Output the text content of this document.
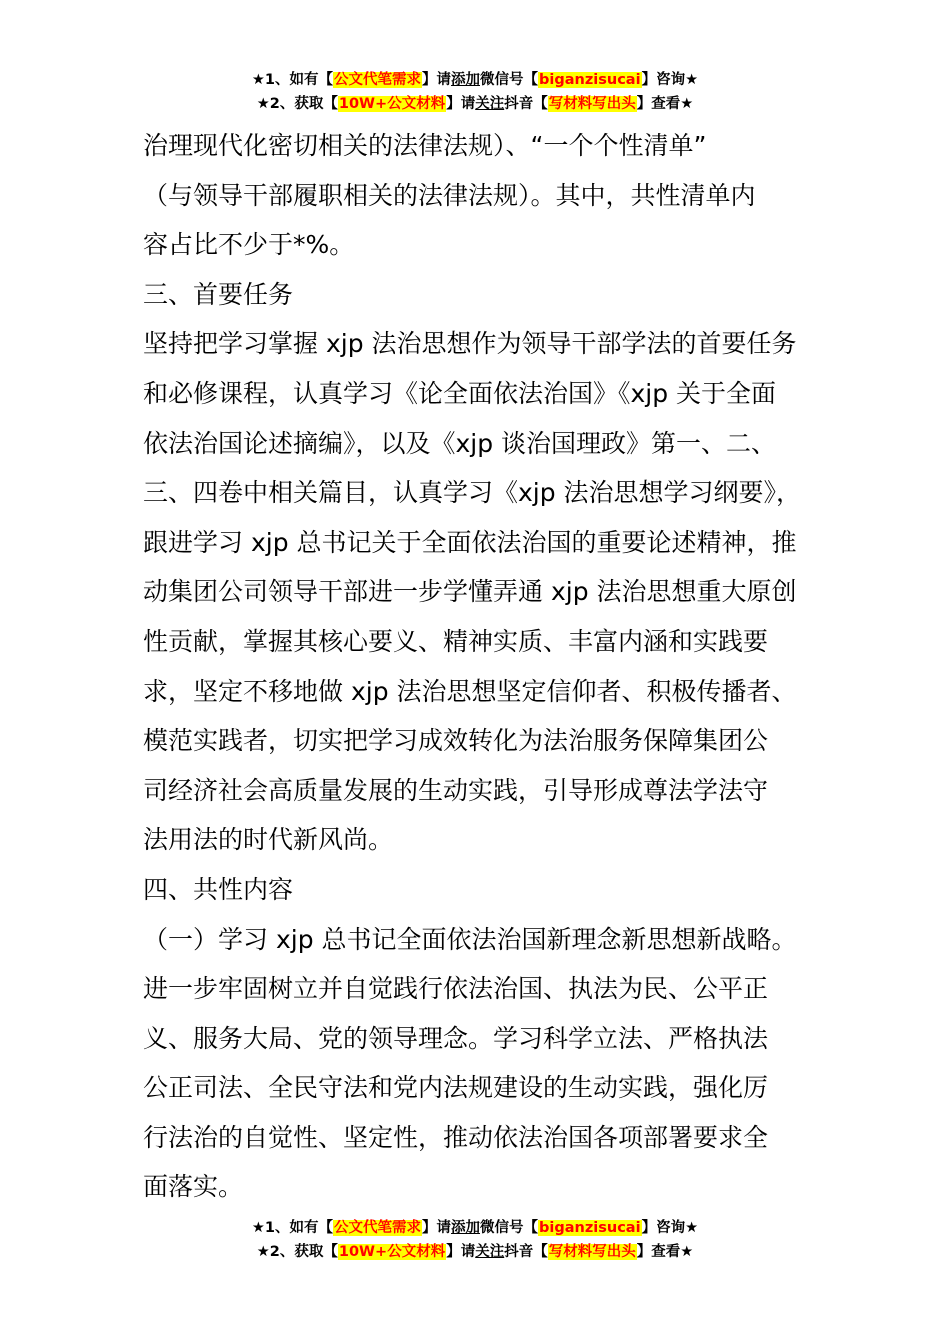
★1、如有【公文代笔需求】请添加微信号【biganzisucai】咨询★
★2、获取【10W+公文材料】请关注抖音【写材料写出头】查看★

治理现代化密切相关的法律法规）、“一个个性清单”

（与领导干部履职相关的法律法规）。其中，共性清单内

容占比不少于*%。

三、首要任务

坚持把学习掌握 xjp 法治思想作为领导干部学法的首要任务

和必修课程，认真学习《论全面依法治国》《xjp 关于全面

依法治国论述摘编》，以及《xjp 谈治国理政》第一、二、

三、四卷中相关篇目，认真学习《xjp 法治思想学习纲要》，

跟进学习 xjp 总书记关于全面依法治国的重要论述精神，推

动集团公司领导干部进一步学懂弄通 xjp 法治思想重大原创

性贡献，掌握其核心要义、精神实质、丰富内涵和实践要

求，坚定不移地做 xjp 法治思想坚定信仰者、积极传播者、

模范实践者，切实把学习成效转化为法治服务保障集团公

司经济社会高质量发展的生动实践，引导形成尊法学法守

法用法的时代新风尚。

四、共性内容

（一）学习 xjp 总书记全面依法治国新理念新思想新战略。

进一步牢固树立并自觉践行依法治国、执法为民、公平正

义、服务大局、党的领导理念。学习科学立法、严格执法

公正司法、全民守法和党内法规建设的生动实践，强化厉

行法治的自觉性、坚定性，推动依法治国各项部署要求全

面落实。

★1、如有【公文代笔需求】请添加微信号【biganzisucai】咨询★
★2、获取【10W+公文材料】请关注抖音【写材料写出头】查看★
